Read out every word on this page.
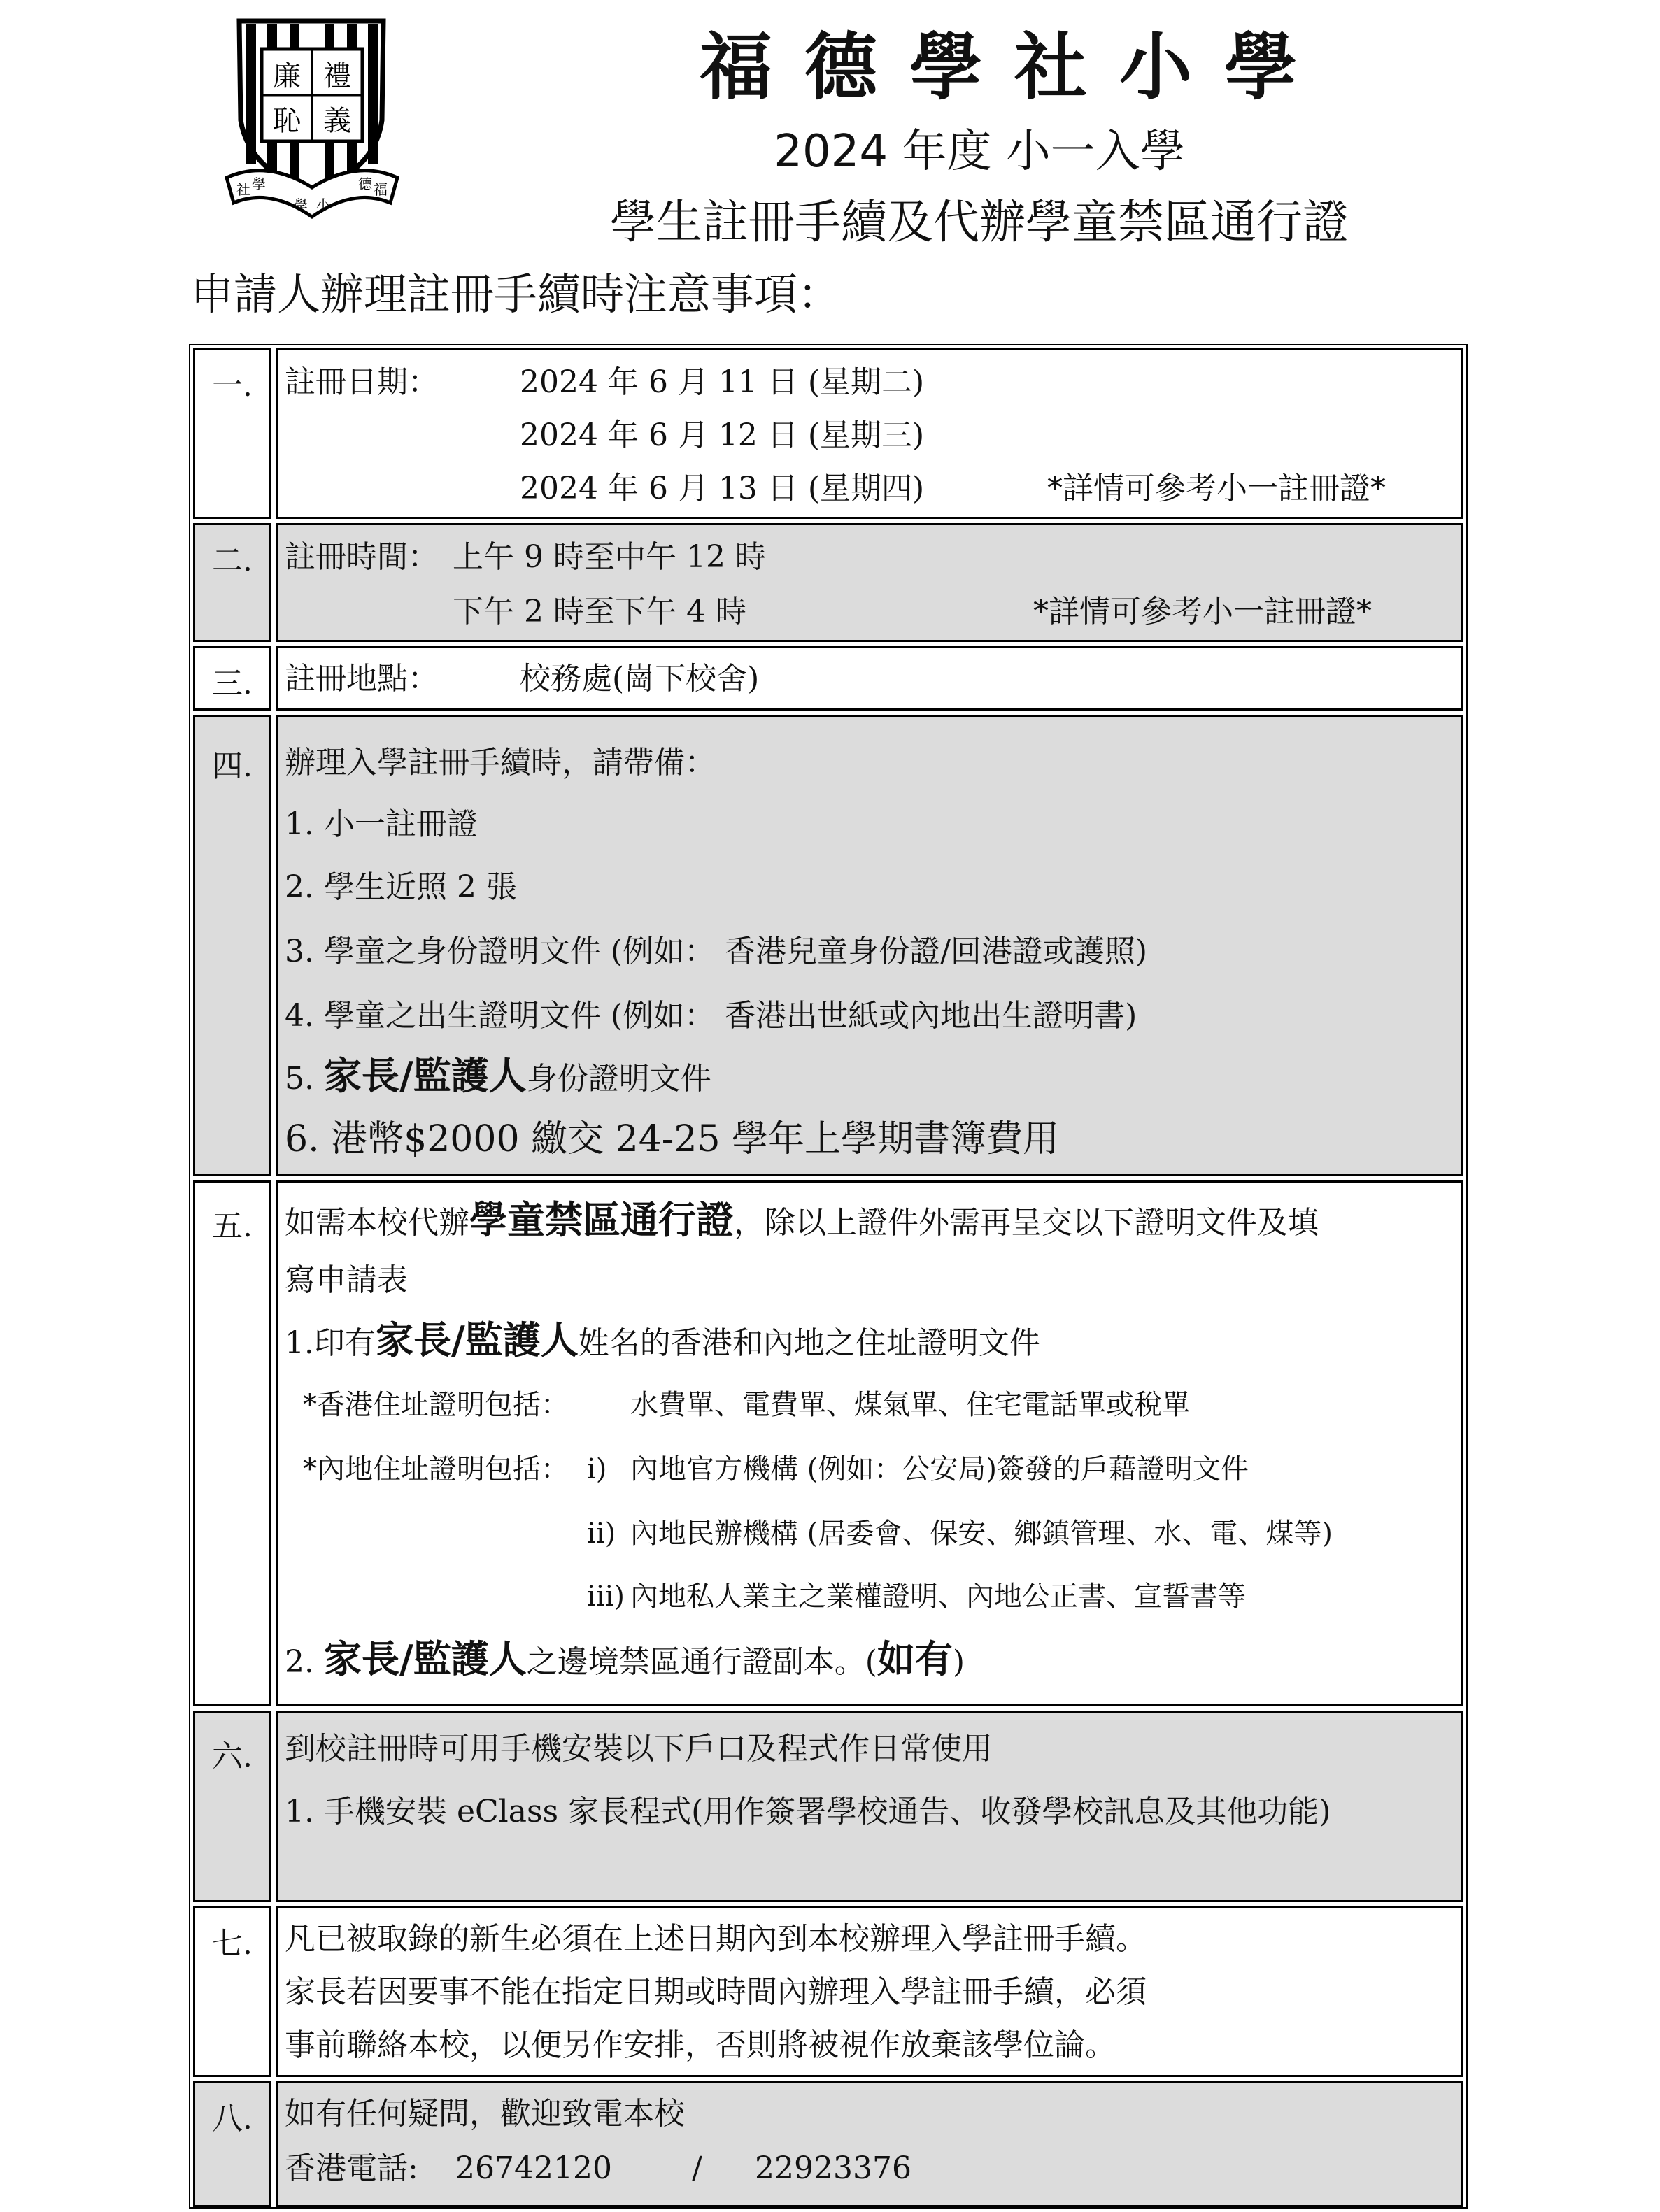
廉 禮
恥 義
社 學	德 福
小
學
福德學社小學
2024 年度 小一入學
學生註冊手續及代辦學童禁區通行證
申請人辦理註冊手續時注意事項：
一.	註冊日期：	2024 年 6 月 11 日 (星期二)
2024 年 6 月 12 日 (星期三)
2024 年 6 月 13 日 (星期四)	*詳情可參考小一註冊證*
二.	註冊時間： 上午 9 時至中午 12 時
下午 2 時至下午 4 時	*詳情可參考小一註冊證*
三.	註冊地點：	校務處(崗下校舍)
四.	辦理入學註冊手續時，請帶備：
1. 小一註冊證
2. 學生近照 2 張
3. 學童之身份證明文件 (例如： 香港兒童身份證/回港證或護照)
4. 學童之出生證明文件 (例如： 香港出世紙或內地出生證明書)
5. 家長/監護人身份證明文件
6. 港幣$2000 繳交 24-25 學年上學期書簿費用
五.	如需本校代辦學童禁區通行證，除以上證件外需再呈交以下證明文件及填
寫申請表
1.印有家長/監護人姓名的香港和內地之住址證明文件
*香港住址證明包括： 水費單、電費單、煤氣單、住宅電話單或稅單
*內地住址證明包括： i) 內地官方機構 (例如：公安局)簽發的戶藉證明文件
ii) 內地民辦機構 (居委會、保安、鄉鎮管理、水、電、煤等)
iii) 內地私人業主之業權證明、內地公正書、宣誓書等
2. 家長/監護人之邊境禁區通行證副本。(如有)
六.	到校註冊時可用手機安裝以下戶口及程式作日常使用
1. 手機安裝 eClass 家長程式(用作簽署學校通告、收發學校訊息及其他功能)
七.	凡已被取錄的新生必須在上述日期內到本校辦理入學註冊手續。
家長若因要事不能在指定日期或時間內辦理入學註冊手續，必須
事前聯絡本校，以便另作安排，否則將被視作放棄該學位論。
八.	如有任何疑問，歡迎致電本校
香港電話: 26742120	/ 22923376
